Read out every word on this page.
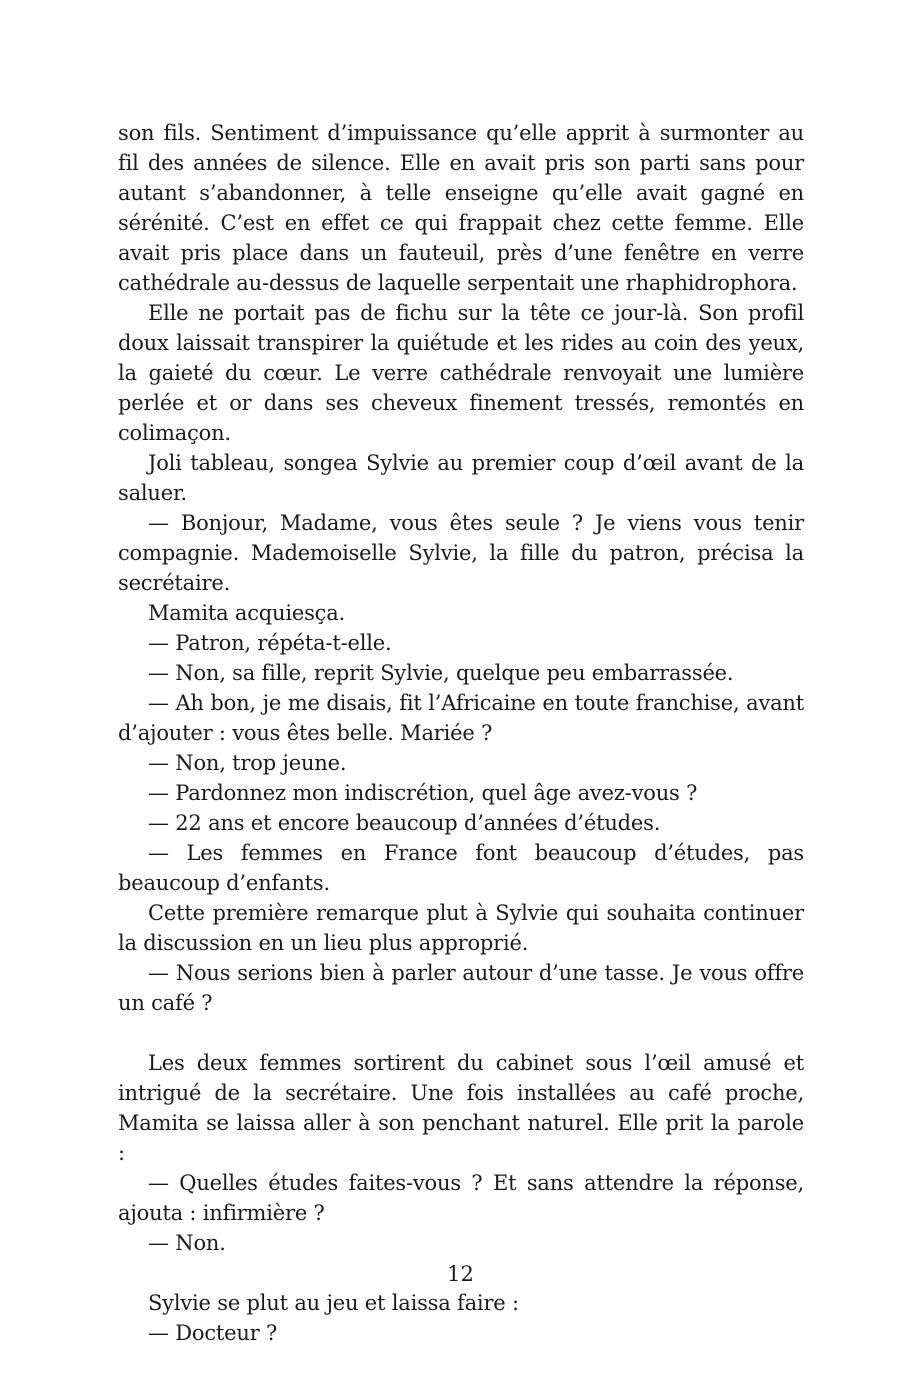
son fils. Sentiment d’impuissance qu’elle apprit à surmonter au fil des années de silence. Elle en avait pris son parti sans pour autant s’abandonner, à telle enseigne qu’elle avait gagné en sérénité. C’est en effet ce qui frappait chez cette femme. Elle avait pris place dans un fauteuil, près d’une fenêtre en verre cathédrale au-dessus de laquelle serpentait une rhaphidrophora.

Elle ne portait pas de fichu sur la tête ce jour-là. Son profil doux laissait transpirer la quiétude et les rides au coin des yeux, la gaieté du cœur. Le verre cathédrale renvoyait une lumière perlée et or dans ses cheveux finement tressés, remontés en colimaçon.

Joli tableau, songea Sylvie au premier coup d’œil avant de la saluer.

— Bonjour, Madame, vous êtes seule ? Je viens vous tenir compagnie. Mademoiselle Sylvie, la fille du patron, précisa la secrétaire.

Mamita acquiesça.

— Patron, répéta-t-elle.

— Non, sa fille, reprit Sylvie, quelque peu embarrassée.

— Ah bon, je me disais, fit l’Africaine en toute franchise, avant d’ajouter : vous êtes belle. Mariée ?

— Non, trop jeune.

— Pardonnez mon indiscrétion, quel âge avez-vous ?

— 22 ans et encore beaucoup d’années d’études.

— Les femmes en France font beaucoup d’études, pas beaucoup d’enfants.

Cette première remarque plut à Sylvie qui souhaita continuer la discussion en un lieu plus approprié.

— Nous serions bien à parler autour d’une tasse. Je vous offre un café ?

Les deux femmes sortirent du cabinet sous l’œil amusé et intrigué de la secrétaire. Une fois installées au café proche, Mamita se laissa aller à son penchant naturel. Elle prit la parole :

— Quelles études faites-vous ? Et sans attendre la réponse, ajouta : infirmière ?

— Non.

Sylvie se plut au jeu et laissa faire :

— Docteur ?

12
